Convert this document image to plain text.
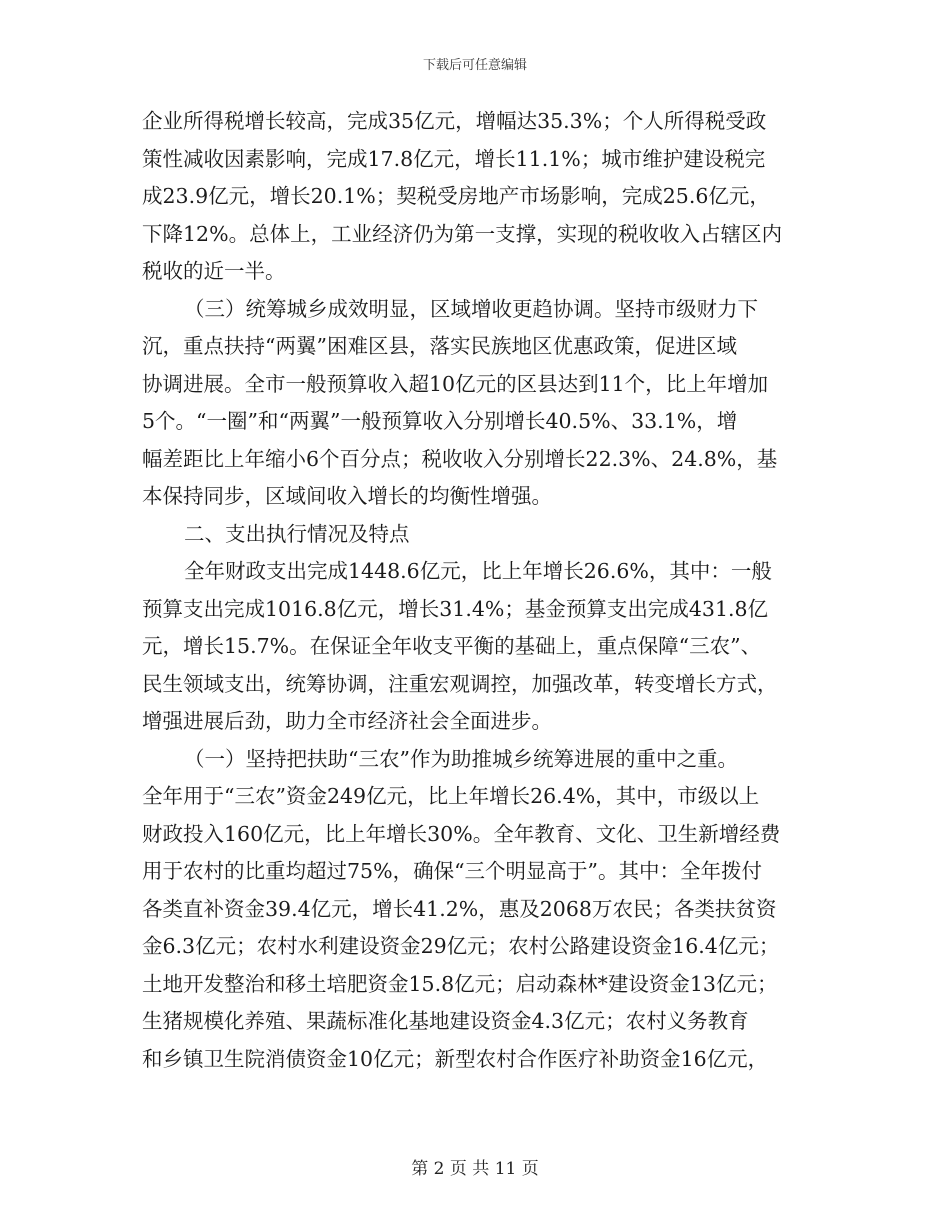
下载后可任意编辑
企业所得税增长较高，完成35亿元，增幅达35.3%；个人所得税受政
策性减收因素影响，完成17.8亿元，增长11.1%；城市维护建设税完
成23.9亿元，增长20.1%；契税受房地产市场影响，完成25.6亿元，
下降12%。总体上，工业经济仍为第一支撑，实现的税收收入占辖区内
税收的近一半。
（三）统筹城乡成效明显，区域增收更趋协调。坚持市级财力下
沉，重点扶持“两翼”困难区县，落实民族地区优惠政策，促进区域
协调进展。全市一般预算收入超10亿元的区县达到11个，比上年增加
5个。“一圈”和“两翼”一般预算收入分别增长40.5%、33.1%，增
幅差距比上年缩小6个百分点；税收收入分别增长22.3%、24.8%，基
本保持同步，区域间收入增长的均衡性增强。
二、支出执行情况及特点
全年财政支出完成1448.6亿元，比上年增长26.6%，其中：一般
预算支出完成1016.8亿元，增长31.4%；基金预算支出完成431.8亿
元，增长15.7%。在保证全年收支平衡的基础上，重点保障“三农”、
民生领域支出，统筹协调，注重宏观调控，加强改革，转变增长方式，
增强进展后劲，助力全市经济社会全面进步。
（一）坚持把扶助“三农”作为助推城乡统筹进展的重中之重。
全年用于“三农”资金249亿元，比上年增长26.4%，其中，市级以上
财政投入160亿元，比上年增长30%。全年教育、文化、卫生新增经费
用于农村的比重均超过75%，确保“三个明显高于”。其中：全年拨付
各类直补资金39.4亿元，增长41.2%，惠及2068万农民；各类扶贫资
金6.3亿元；农村水利建设资金29亿元；农村公路建设资金16.4亿元；
土地开发整治和移土培肥资金15.8亿元；启动森林*建设资金13亿元；
生猪规模化养殖、果蔬标准化基地建设资金4.3亿元；农村义务教育
和乡镇卫生院消债资金10亿元；新型农村合作医疗补助资金16亿元，
第 2 页 共 11 页
